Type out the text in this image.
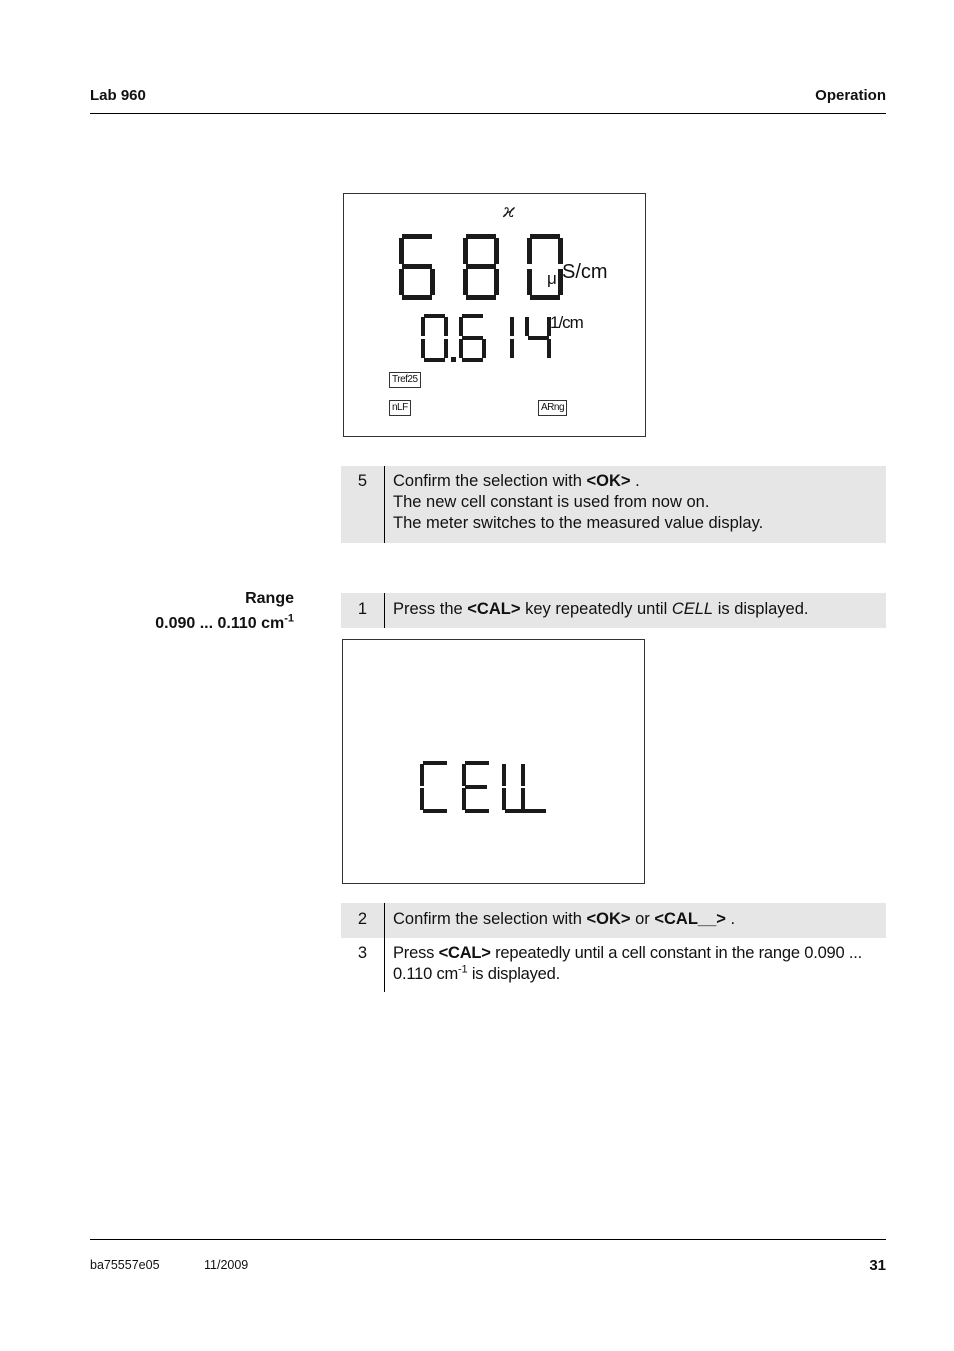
Lab 960	Operation
ϰ
μ S/cm
1/cm
Tref25
nLF	ARng
5	Confirm the selection with <OK> .
The new cell constant is used from now on.
The meter switches to the measured value display.
Range
0.090 ... 0.110 $cm^{-1}$
1	Press the <CAL> key repeatedly until CELL is displayed.
2	Confirm the selection with <OK> or <CAL__> .
3	Press <CAL> repeatedly until a cell constant in the range 0.090 ... 0.110 $cm^{-1}$ is displayed.
ba75557e05	11/2009	31
